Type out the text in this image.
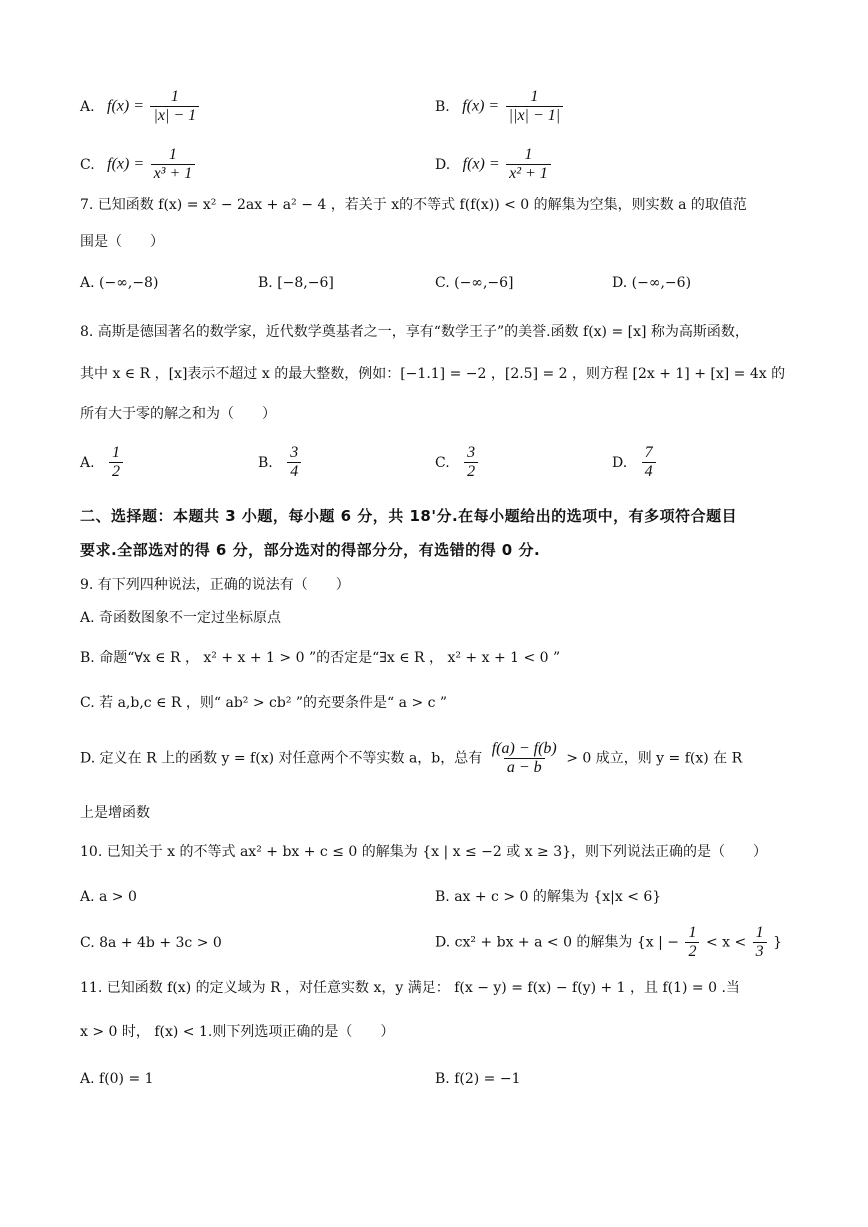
A. $f(x) = \frac{1}{|x| - 1}$	B. $f(x) = \frac{1}{||x| - 1|}$
C. $f(x) = \frac{1}{\text{x³ + 1}}$	D. $f(x) = \frac{1}{\text{x² + 1}}$
7. 已知函数 f(x) = x² − 2ax + a² − 4 ，若关于 x的不等式 f(f(x)) < 0 的解集为空集，则实数 a 的取值范
围是（　　）
A. (−∞,−8)	B. [−8,−6]	C. (−∞,−6]	D. (−∞,−6)
8. 高斯是德国著名的数学家，近代数学奠基者之一，享有“数学王子”的美誉.函数 f(x) = [x] 称为高斯函数，
其中 x ∈ R ，[x]表示不超过 x 的最大整数，例如：[−1.1] = −2 ，[2.5] = 2 ，则方程 [2x + 1] + [x] = 4x 的
所有大于零的解之和为（　　）
A. $\frac{1}{2}$	B. $\frac{3}{4}$	C. $\frac{3}{2}$	D. $\frac{7}{4}$
二、选择题：本题共 3 小题，每小题 6 分，共 18'分.在每小题给出的选项中，有多项符合题目
要求.全部选对的得 6 分，部分选对的得部分分，有选错的得 0 分.
9. 有下列四种说法，正确的说法有（　　）
A. 奇函数图象不一定过坐标原点
B. 命题“∀x ∈ R ， x² + x + 1 > 0 ”的否定是“∃x ∈ R ， x² + x + 1 < 0 ”
C. 若 a,b,c ∈ R ，则“ ab² > cb² ”的充要条件是“ a > c ”
D. 定义在 R 上的函数 y = f(x) 对任意两个不等实数 a，b，总有 $\frac{f(a) - f(b)}{a - b} > 0$ 成立，则 y = f(x) 在 R
上是增函数
10. 已知关于 x 的不等式 ax² + bx + c ≤ 0 的解集为 {x | x ≤ −2 或 x ≥ 3}，则下列说法正确的是（　　）
A. a > 0	B. ax + c > 0 的解集为 {x|x < 6}
C. 8a + 4b + 3c > 0	D. cx² + bx + a < 0 的解集为 {x | − $\frac{1}{2} < x < \frac{1}{3}$ }
11. 已知函数 f(x) 的定义域为 R ，对任意实数 x，y 满足： f(x − y) = f(x) − f(y) + 1 ，且 f(1) = 0 .当
x > 0 时， f(x) < 1.则下列选项正确的是（　　）
A. f(0) = 1	B. f(2) = −1
